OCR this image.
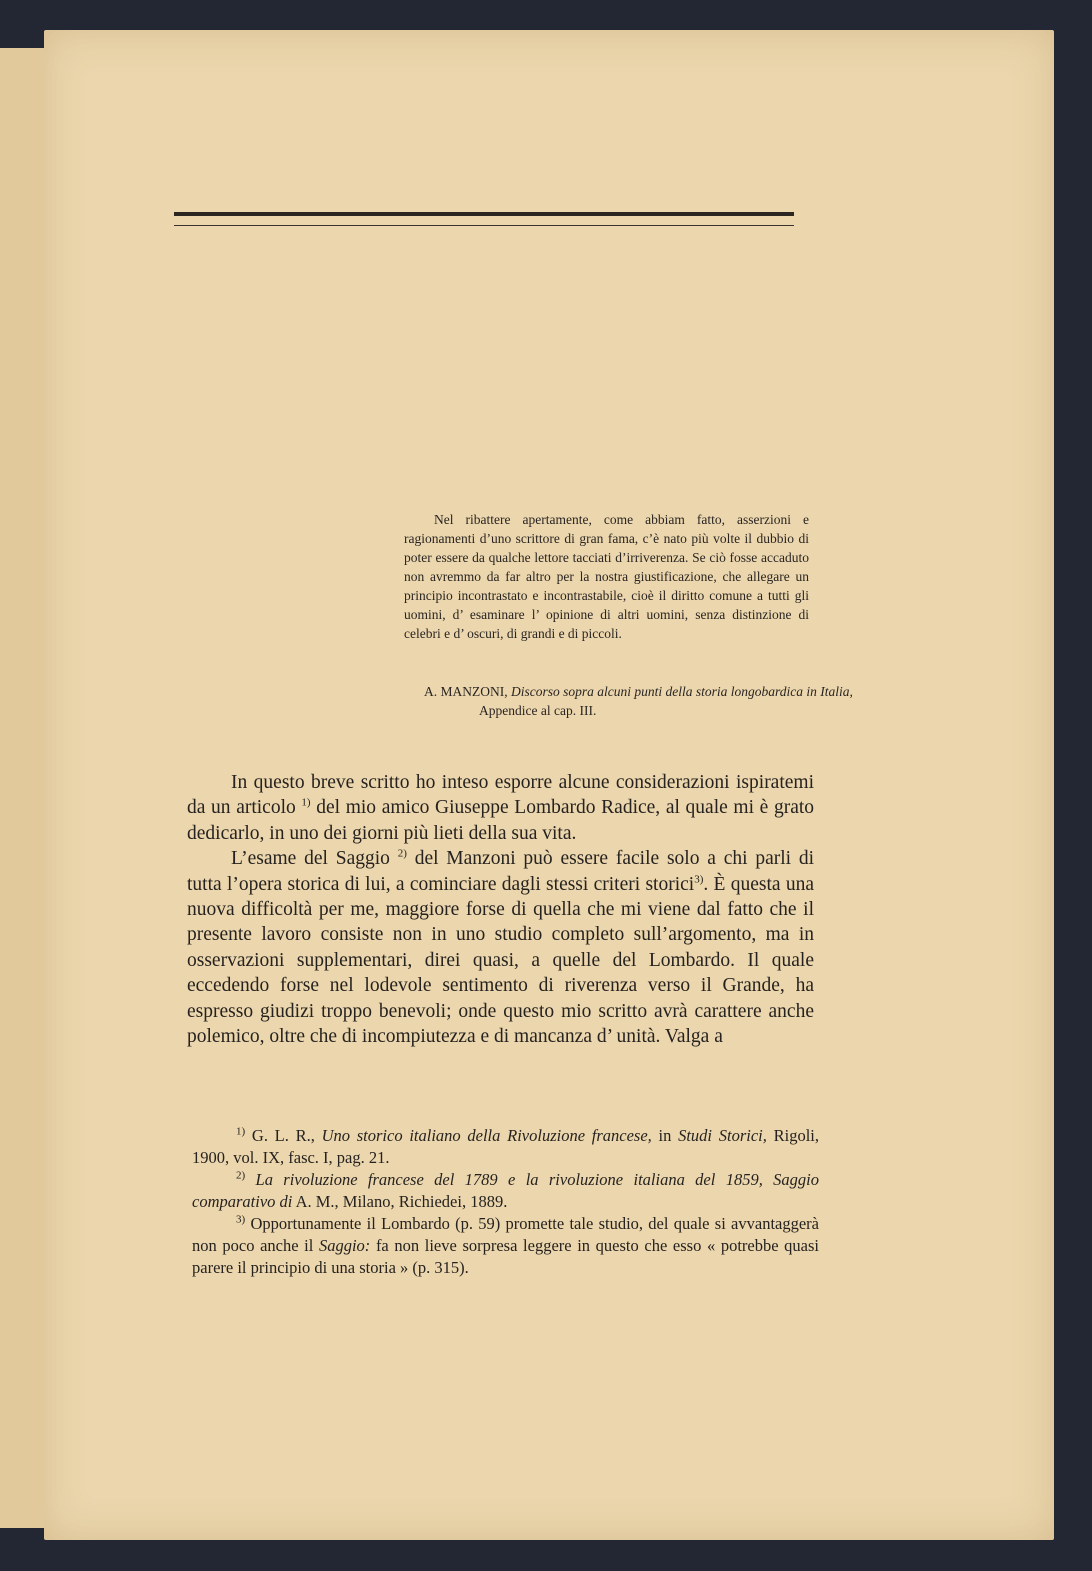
Nel ribattere apertamente, come abbiam fatto, asserzioni e ragionamenti d’uno scrittore di gran fama, c’è nato più volte il dubbio di poter essere da qualche lettore tacciati d’irriverenza. Se ciò fosse accaduto non avremmo da far altro per la nostra giustificazione, che allegare un principio incontrastato e incontrastabile, cioè il diritto comune a tutti gli uomini, d’ esaminare l’ opinione di altri uomini, senza distinzione di celebri e d’ oscuri, di grandi e di piccoli.

A. MANZONI, Discorso sopra alcuni punti della storia longobardica in Italia, Appendice al cap. III.

In questo breve scritto ho inteso esporre alcune considerazioni ispiratemi da un articolo $^{1)}$ del mio amico Giuseppe Lombardo Radice, al quale mi è grato dedicarlo, in uno dei giorni più lieti della sua vita.

L’esame del Saggio $^{2)}$ del Manzoni può essere facile solo a chi parli di tutta l’opera storica di lui, a cominciare dagli stessi criteri storici$^{3)}$. È questa una nuova difficoltà per me, maggiore forse di quella che mi viene dal fatto che il presente lavoro consiste non in uno studio completo sull’argomento, ma in osservazioni supplementari, direi quasi, a quelle del Lombardo. Il quale eccedendo forse nel lodevole sentimento di riverenza verso il Grande, ha espresso giudizi troppo benevoli; onde questo mio scritto avrà carattere anche polemico, oltre che di incompiutezza e di mancanza d’ unità. Valga a

$^{1)}$ G. L. R., Uno storico italiano della Rivoluzione francese, in Studi Storici, Rigoli, 1900, vol. IX, fasc. I, pag. 21.

$^{2)}$ La rivoluzione francese del 1789 e la rivoluzione italiana del 1859, Saggio comparativo di A. M., Milano, Richiedei, 1889.

$^{3)}$ Opportunamente il Lombardo (p. 59) promette tale studio, del quale si avvantaggerà non poco anche il Saggio: fa non lieve sorpresa leggere in questo che esso « potrebbe quasi parere il principio di una storia » (p. 315).
